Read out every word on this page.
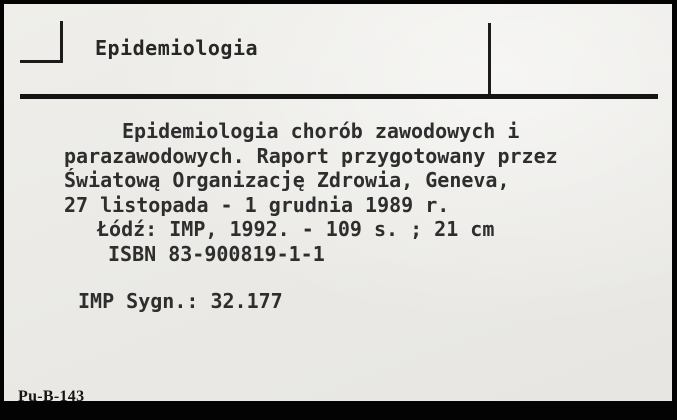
Epidemiologia
Epidemiologia chorób zawodowych i
parazawodowych. Raport przygotowany przez
Światową Organizację Zdrowia, Geneva,
27 listopada - 1 grudnia 1989 r.
Łódź: IMP, 1992. - 109 s. ; 21 cm
ISBN 83-900819-1-1
IMP Sygn.: 32.177
Pu-B-143
